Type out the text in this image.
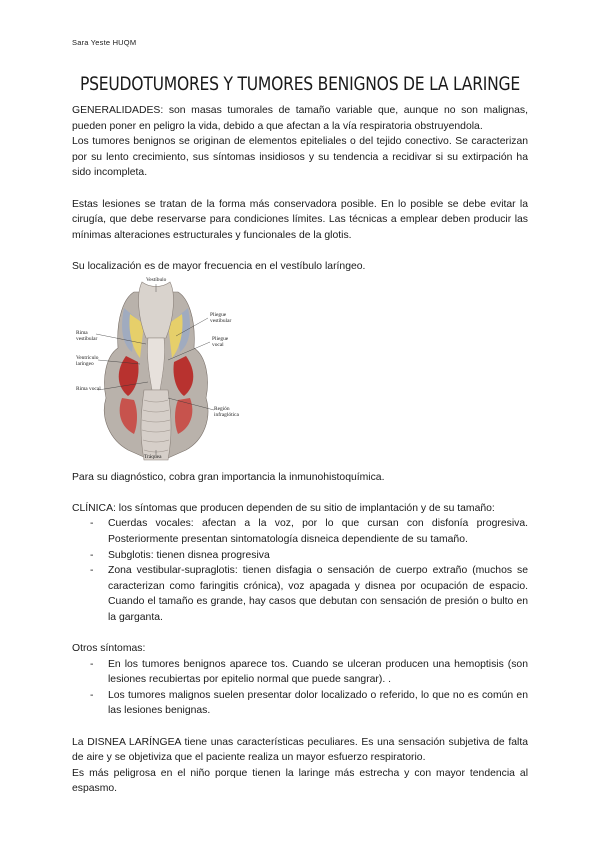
Sara Yeste HUQM
PSEUDOTUMORES Y TUMORES BENIGNOS DE LA LARINGE

GENERALIDADES: son masas tumorales de tamaño variable que, aunque no son malignas, pueden poner en peligro la vida, debido a que afectan a la vía respiratoria obstruyendola.

Los tumores benignos se originan de elementos epiteliales o del tejido conectivo. Se caracterizan por su lento crecimiento, sus síntomas insidiosos y su tendencia a recidivar si su extirpación ha sido incompleta.

Estas lesiones se tratan de la forma más conservadora posible. En lo posible se debe evitar la cirugía, que debe reservarse para condiciones límites. Las técnicas a emplear deben producir las mínimas alteraciones estructurales y funcionales de la glotis.

Su localización es de mayor frecuencia en el vestíbulo laríngeo.

Vestíbulo
Pliegue vestibular
Rima vestibular	Pliegue vocal
Ventrículo laríngeo
Rima vocal
Región infraglótica
Tráquea

Para su diagnóstico, cobra gran importancia la inmunohistoquímica.

CLÍNICA: los síntomas que producen dependen de su sitio de implantación y de su tamaño:

- Cuerdas vocales: afectan a la voz, por lo que cursan con disfonía progresiva. Posteriormente presentan sintomatología disneica dependiente de su tamaño.
- Subglotis: tienen disnea progresiva
- Zona vestibular-supraglotis: tienen disfagia o sensación de cuerpo extraño (muchos se caracterizan como faringitis crónica), voz apagada y disnea por ocupación de espacio. Cuando el tamaño es grande, hay casos que debutan con sensación de presión o bulto en la garganta.

Otros síntomas:

- En los tumores benignos aparece tos. Cuando se ulceran producen una hemoptisis (son lesiones recubiertas por epitelio normal que puede sangrar). .
- Los tumores malignos suelen presentar dolor localizado o referido, lo que no es común en las lesiones benignas.

La DISNEA LARÍNGEA tiene unas características peculiares. Es una sensación subjetiva de falta de aire y se objetiviza que el paciente realiza un mayor esfuerzo respiratorio.

Es más peligrosa en el niño porque tienen la laringe más estrecha y con mayor tendencia al espasmo.
